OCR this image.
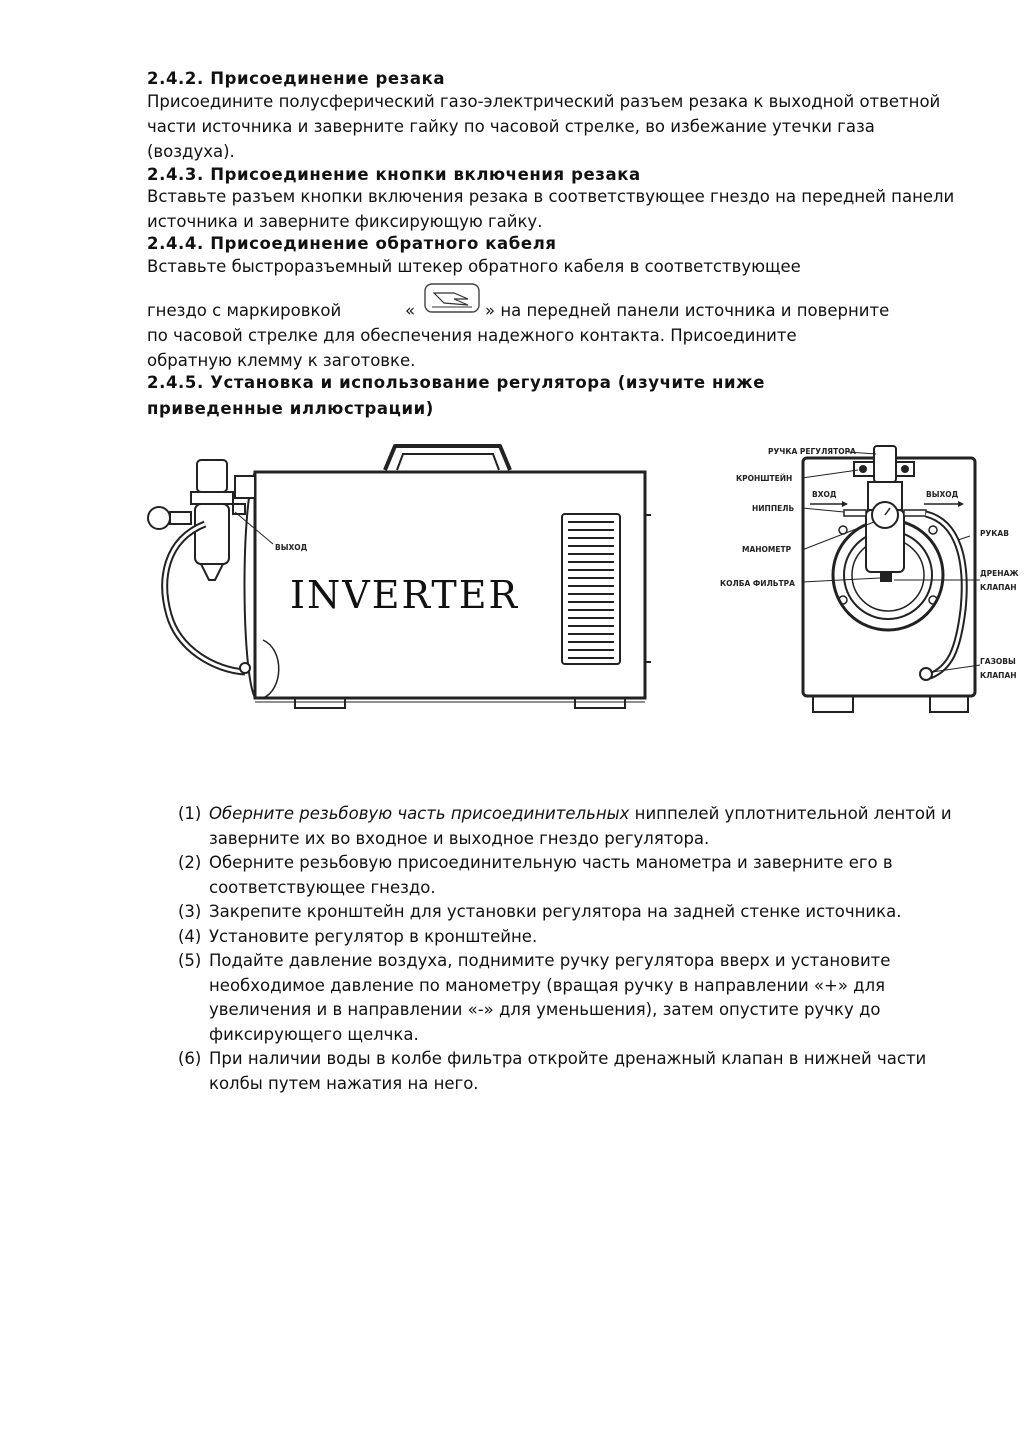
2.4.2. Присоединение резака

Присоедините полусферический газо-электрический разъем резака к выходной ответной части источника и заверните гайку по часовой стрелке, во избежание утечки газа (воздуха).

2.4.3. Присоединение кнопки включения резака

Вставьте разъем кнопки включения резака в соответствующее гнездо на передней панели источника и заверните фиксирующую гайку.

2.4.4. Присоединение обратного кабеля
Вставьте быстроразъемный штекер обратного кабеля в соответствующее
гнездо с маркировкой	«	» на передней панели источника и поверните
по часовой стрелке для обеспечения надежного контакта. Присоедините
обратную клемму к заготовке.
2.4.5. Установка и использование регулятора (изучите ниже
приведенные иллюстрации)
INVERTER
ВЫХОД
РУЧКА РЕГУЛЯТОРА
КРОНШТЕЙН
НИППЕЛЬ
МАНОМЕТР
КОЛБА ФИЛЬТРА
ВХОД	ВЫХОД
РУКАВ
ДРЕНАЖ
КЛАПАН
ГАЗОВЫ
КЛАПАН
(1) Оберните резьбовую часть присоединительных ниппелей уплотнительной лентой и заверните их во входное и выходное гнездо регулятора.
(2) Оберните резьбовую присоединительную часть манометра и заверните его в соответствующее гнездо.
(3) Закрепите кронштейн для установки регулятора на задней стенке источника.
(4) Установите регулятор в кронштейне.
(5) Подайте давление воздуха, поднимите ручку регулятора вверх и установите необходимое давление по манометру (вращая ручку в направлении «+» для увеличения и в направлении «-» для уменьшения), затем опустите ручку до фиксирующего щелчка.
(6) При наличии воды в колбе фильтра откройте дренажный клапан в нижней части колбы путем нажатия на него.
